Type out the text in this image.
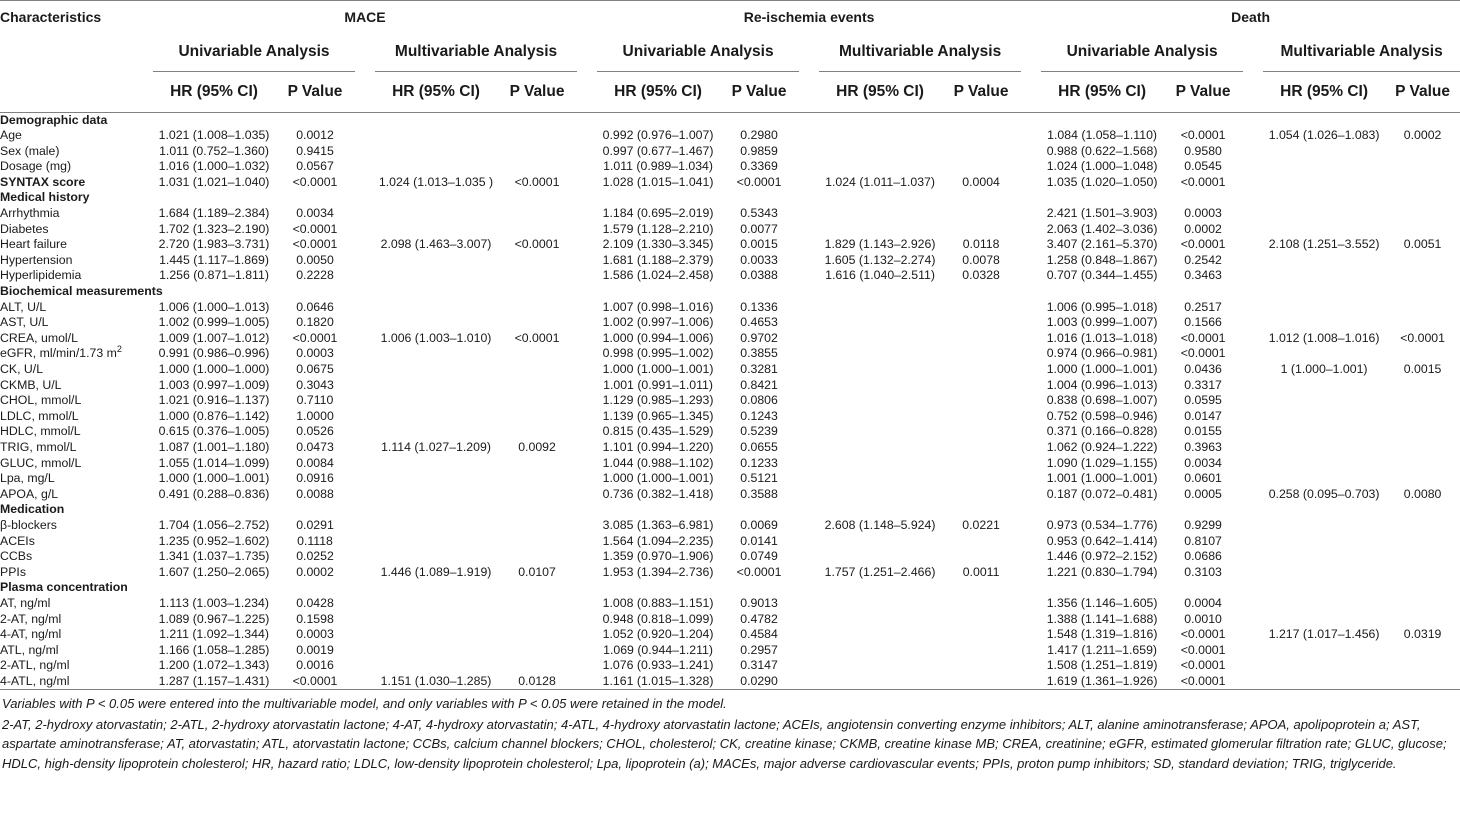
Characteristics	MACE						Re-ischemia events						Death				
	Univariable Analysis			Multivariable Analysis			Univariable Analysis			Multivariable Analysis			Univariable Analysis			Multivariable Analysis	
	HR (95% CI)	P Value		HR (95% CI)	P Value		HR (95% CI)	P Value		HR (95% CI)	P Value		HR (95% CI)	P Value		HR (95% CI)	P Value
Demographic data																	
Age	1.021 (1.008–1.035)	0.0012					0.992 (0.976–1.007)	0.2980					1.084 (1.058–1.110)	<0.0001		1.054 (1.026–1.083)	0.0002
Sex (male)	1.011 (0.752–1.360)	0.9415					0.997 (0.677–1.467)	0.9859					0.988 (0.622–1.568)	0.9580			
Dosage (mg)	1.016 (1.000–1.032)	0.0567					1.011 (0.989–1.034)	0.3369					1.024 (1.000–1.048)	0.0545			
SYNTAX score	1.031 (1.021–1.040)	<0.0001		1.024 (1.013–1.035 )	<0.0001		1.028 (1.015–1.041)	<0.0001		1.024 (1.011–1.037)	0.0004		1.035 (1.020–1.050)	<0.0001			
Medical history																	
Arrhythmia	1.684 (1.189–2.384)	0.0034					1.184 (0.695–2.019)	0.5343					2.421 (1.501–3.903)	0.0003			
Diabetes	1.702 (1.323–2.190)	<0.0001					1.579 (1.128–2.210)	0.0077					2.063 (1.402–3.036)	0.0002			
Heart failure	2.720 (1.983–3.731)	<0.0001		2.098 (1.463–3.007)	<0.0001		2.109 (1.330–3.345)	0.0015		1.829 (1.143–2.926)	0.0118		3.407 (2.161–5.370)	<0.0001		2.108 (1.251–3.552)	0.0051
Hypertension	1.445 (1.117–1.869)	0.0050					1.681 (1.188–2.379)	0.0033		1.605 (1.132–2.274)	0.0078		1.258 (0.848–1.867)	0.2542			
Hyperlipidemia	1.256 (0.871–1.811)	0.2228					1.586 (1.024–2.458)	0.0388		1.616 (1.040–2.511)	0.0328		0.707 (0.344–1.455)	0.3463			
Biochemical measurements																	
ALT, U/L	1.006 (1.000–1.013)	0.0646					1.007 (0.998–1.016)	0.1336					1.006 (0.995–1.018)	0.2517			
AST, U/L	1.002 (0.999–1.005)	0.1820					1.002 (0.997–1.006)	0.4653					1.003 (0.999–1.007)	0.1566			
CREA, umol/L	1.009 (1.007–1.012)	<0.0001		1.006 (1.003–1.010)	<0.0001		1.000 (0.994–1.006)	0.9702					1.016 (1.013–1.018)	<0.0001		1.012 (1.008–1.016)	<0.0001
eGFR, ml/min/1.73 $m^2$	0.991 (0.986–0.996)	0.0003					0.998 (0.995–1.002)	0.3855					0.974 (0.966–0.981)	<0.0001			
CK, U/L	1.000 (1.000–1.000)	0.0675					1.000 (1.000–1.001)	0.3281					1.000 (1.000–1.001)	0.0436		1 (1.000–1.001)	0.0015
CKMB, U/L	1.003 (0.997–1.009)	0.3043					1.001 (0.991–1.011)	0.8421					1.004 (0.996–1.013)	0.3317			
CHOL, mmol/L	1.021 (0.916–1.137)	0.7110					1.129 (0.985–1.293)	0.0806					0.838 (0.698–1.007)	0.0595			
LDLC, mmol/L	1.000 (0.876–1.142)	1.0000					1.139 (0.965–1.345)	0.1243					0.752 (0.598–0.946)	0.0147			
HDLC, mmol/L	0.615 (0.376–1.005)	0.0526					0.815 (0.435–1.529)	0.5239					0.371 (0.166–0.828)	0.0155			
TRIG, mmol/L	1.087 (1.001–1.180)	0.0473		1.114 (1.027–1.209)	0.0092		1.101 (0.994–1.220)	0.0655					1.062 (0.924–1.222)	0.3963			
GLUC, mmol/L	1.055 (1.014–1.099)	0.0084					1.044 (0.988–1.102)	0.1233					1.090 (1.029–1.155)	0.0034			
Lpa, mg/L	1.000 (1.000–1.001)	0.0916					1.000 (1.000–1.001)	0.5121					1.001 (1.000–1.001)	0.0601			
APOA, g/L	0.491 (0.288–0.836)	0.0088					0.736 (0.382–1.418)	0.3588					0.187 (0.072–0.481)	0.0005		0.258 (0.095–0.703)	0.0080
Medication																	
β-blockers	1.704 (1.056–2.752)	0.0291					3.085 (1.363–6.981)	0.0069		2.608 (1.148–5.924)	0.0221		0.973 (0.534–1.776)	0.9299			
ACEIs	1.235 (0.952–1.602)	0.1118					1.564 (1.094–2.235)	0.0141					0.953 (0.642–1.414)	0.8107			
CCBs	1.341 (1.037–1.735)	0.0252					1.359 (0.970–1.906)	0.0749					1.446 (0.972–2.152)	0.0686			
PPIs	1.607 (1.250–2.065)	0.0002		1.446 (1.089–1.919)	0.0107		1.953 (1.394–2.736)	<0.0001		1.757 (1.251–2.466)	0.0011		1.221 (0.830–1.794)	0.3103			
Plasma concentration																	
AT, ng/ml	1.113 (1.003–1.234)	0.0428					1.008 (0.883–1.151)	0.9013					1.356 (1.146–1.605)	0.0004			
2-AT, ng/ml	1.089 (0.967–1.225)	0.1598					0.948 (0.818–1.099)	0.4782					1.388 (1.141–1.688)	0.0010			
4-AT, ng/ml	1.211 (1.092–1.344)	0.0003					1.052 (0.920–1.204)	0.4584					1.548 (1.319–1.816)	<0.0001		1.217 (1.017–1.456)	0.0319
ATL, ng/ml	1.166 (1.058–1.285)	0.0019					1.069 (0.944–1.211)	0.2957					1.417 (1.211–1.659)	<0.0001			
2-ATL, ng/ml	1.200 (1.072–1.343)	0.0016					1.076 (0.933–1.241)	0.3147					1.508 (1.251–1.819)	<0.0001			
4-ATL, ng/ml	1.287 (1.157–1.431)	<0.0001		1.151 (1.030–1.285)	0.0128		1.161 (1.015–1.328)	0.0290					1.619 (1.361–1.926)	<0.0001			
Variables with P < 0.05 were entered into the multivariable model, and only variables with P < 0.05 were retained in the model.
2-AT, 2-hydroxy atorvastatin; 2-ATL, 2-hydroxy atorvastatin lactone; 4-AT, 4-hydroxy atorvastatin; 4-ATL, 4-hydroxy atorvastatin lactone; ACEIs, angiotensin converting enzyme inhibitors; ALT, alanine aminotransferase; APOA, apolipoprotein a; AST, aspartate aminotransferase; AT, atorvastatin; ATL, atorvastatin lactone; CCBs, calcium channel blockers; CHOL, cholesterol; CK, creatine kinase; CKMB, creatine kinase MB; CREA, creatinine; eGFR, estimated glomerular filtration rate; GLUC, glucose; HDLC, high-density lipoprotein cholesterol; HR, hazard ratio; LDLC, low-density lipoprotein cholesterol; Lpa, lipoprotein (a); MACEs, major adverse cardiovascular events; PPIs, proton pump inhibitors; SD, standard deviation; TRIG, triglyceride.
